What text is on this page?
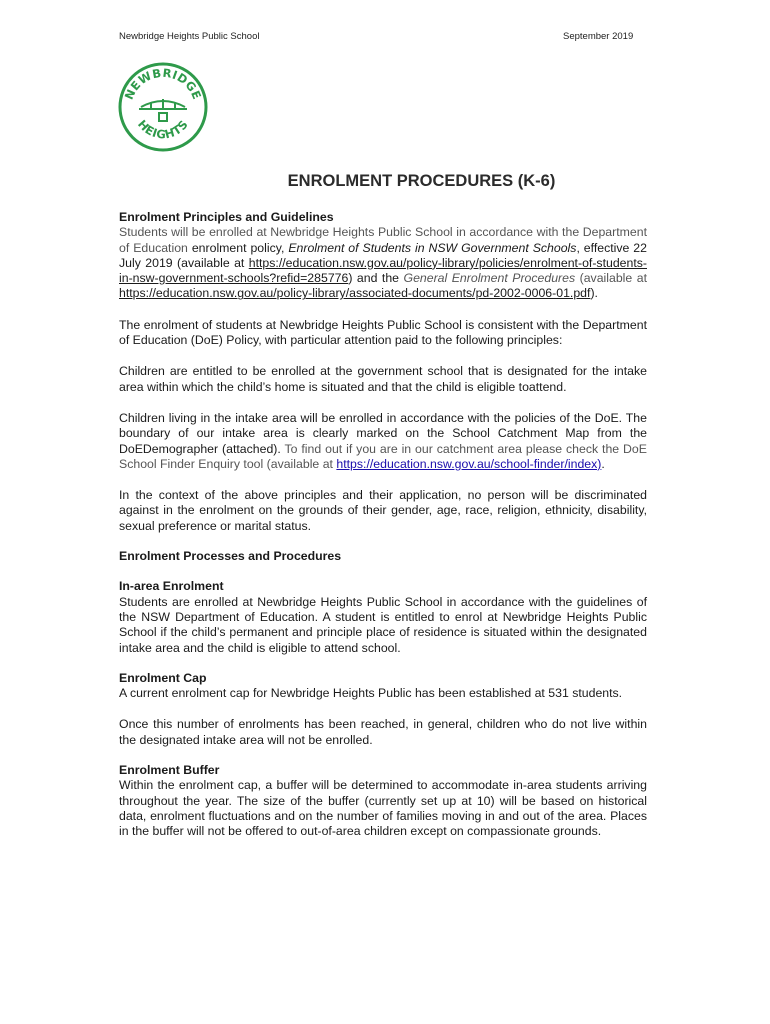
Newbridge Heights Public School	September 2019
NEWBRIDGE
HEIGHTS
ENROLMENT PROCEDURES (K-6)
Enrolment Principles and Guidelines

Students will be enrolled at Newbridge Heights Public School in accordance with the Department of Education enrolment policy, Enrolment of Students in NSW Government Schools, effective 22 July 2019 (available at https://education.nsw.gov.au/policy-library/policies/enrolment-of-students-in-nsw-government-schools?refid=285776) and the General Enrolment Procedures (available at https://education.nsw.gov.au/policy-library/associated-documents/pd-2002-0006-01.pdf).

The enrolment of students at Newbridge Heights Public School is consistent with the Department of Education (DoE) Policy, with particular attention paid to the following principles:

Children are entitled to be enrolled at the government school that is designated for the intake area within which the child’s home is situated and that the child is eligible toattend.

Children living in the intake area will be enrolled in accordance with the policies of the DoE. The boundary of our intake area is clearly marked on the School Catchment Map from the DoEDemographer (attached). To find out if you are in our catchment area please check the DoE School Finder Enquiry tool (available at https://education.nsw.gov.au/school-finder/index).

In the context of the above principles and their application, no person will be discriminated against in the enrolment on the grounds of their gender, age, race, religion, ethnicity, disability, sexual preference or marital status.

Enrolment Processes and Procedures
In-area Enrolment

Students are enrolled at Newbridge Heights Public School in accordance with the guidelines of the NSW Department of Education. A student is entitled to enrol at Newbridge Heights Public School if the child’s permanent and principle place of residence is situated within the designated intake area and the child is eligible to attend school.

Enrolment Cap

A current enrolment cap for Newbridge Heights Public has been established at 531 students.

Once this number of enrolments has been reached, in general, children who do not live within the designated intake area will not be enrolled.

Enrolment Buffer

Within the enrolment cap, a buffer will be determined to accommodate in-area students arriving throughout the year. The size of the buffer (currently set up at 10) will be based on historical data, enrolment fluctuations and on the number of families moving in and out of the area. Places in the buffer will not be offered to out-of-area children except on compassionate grounds.
